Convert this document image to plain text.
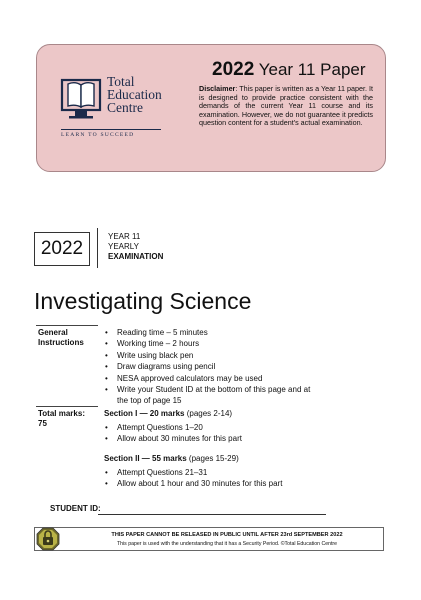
Total
Education
Centre
LEARN TO SUCCEED
2022 Year 11 Paper
Disclaimer: This paper is written as a Year 11 paper. It is designed to provide practice consistent with the demands of the current Year 11 course and its examination. However, we do not guarantee it predicts question content for a student's actual examination.
2022
YEAR 11
YEARLY
EXAMINATION
Investigating Science
General
Instructions
• Reading time – 5 minutes
• Working time – 2 hours
• Write using black pen
• Draw diagrams using pencil
• NESA approved calculators may be used
• Write your Student ID at the bottom of this page and at the top of page 15
Total marks:
75
Section I — 20 marks (pages 2-14)
• Attempt Questions 1–20
• Allow about 30 minutes for this part
Section II — 55 marks (pages 15-29)
• Attempt Questions 21–31
• Allow about 1 hour and 30 minutes for this part
STUDENT ID:
THIS PAPER CANNOT BE RELEASED IN PUBLIC UNTIL AFTER 23rd SEPTEMBER 2022
This paper is used with the understanding that it has a Security Period. ©Total Education Centre
